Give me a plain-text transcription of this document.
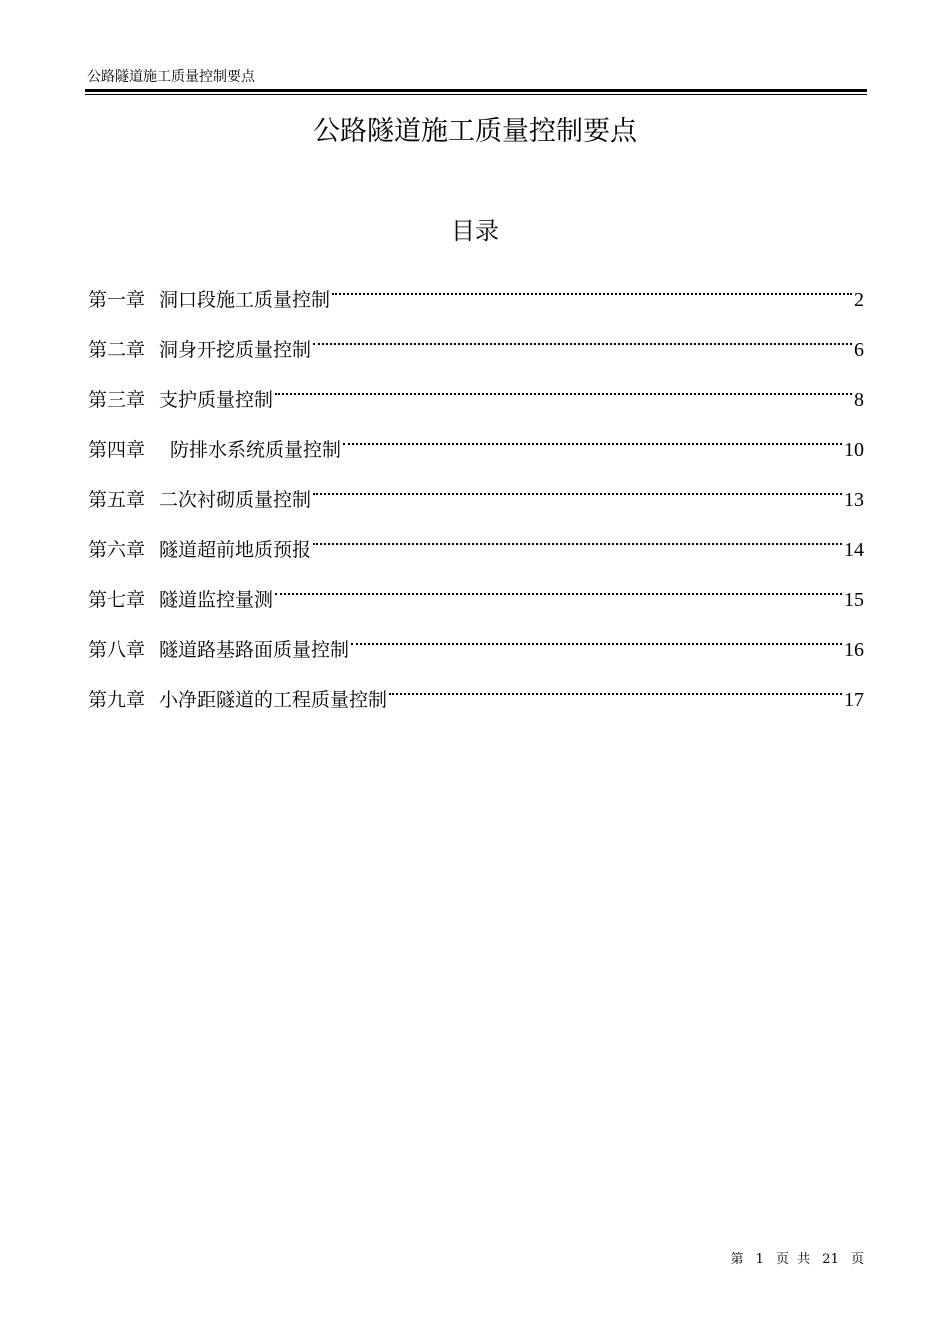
公路隧道施工质量控制要点
公路隧道施工质量控制要点
目录
第一章 洞口段施工质量控制	2
第二章 洞身开挖质量控制	6
第三章 支护质量控制	8
第四章 防排水系统质量控制	10
第五章 二次衬砌质量控制	13
第六章 隧道超前地质预报	14
第七章 隧道监控量测	15
第八章 隧道路基路面质量控制	16
第九章 小净距隧道的工程质量控制	17
第 1 页 共 21 页
